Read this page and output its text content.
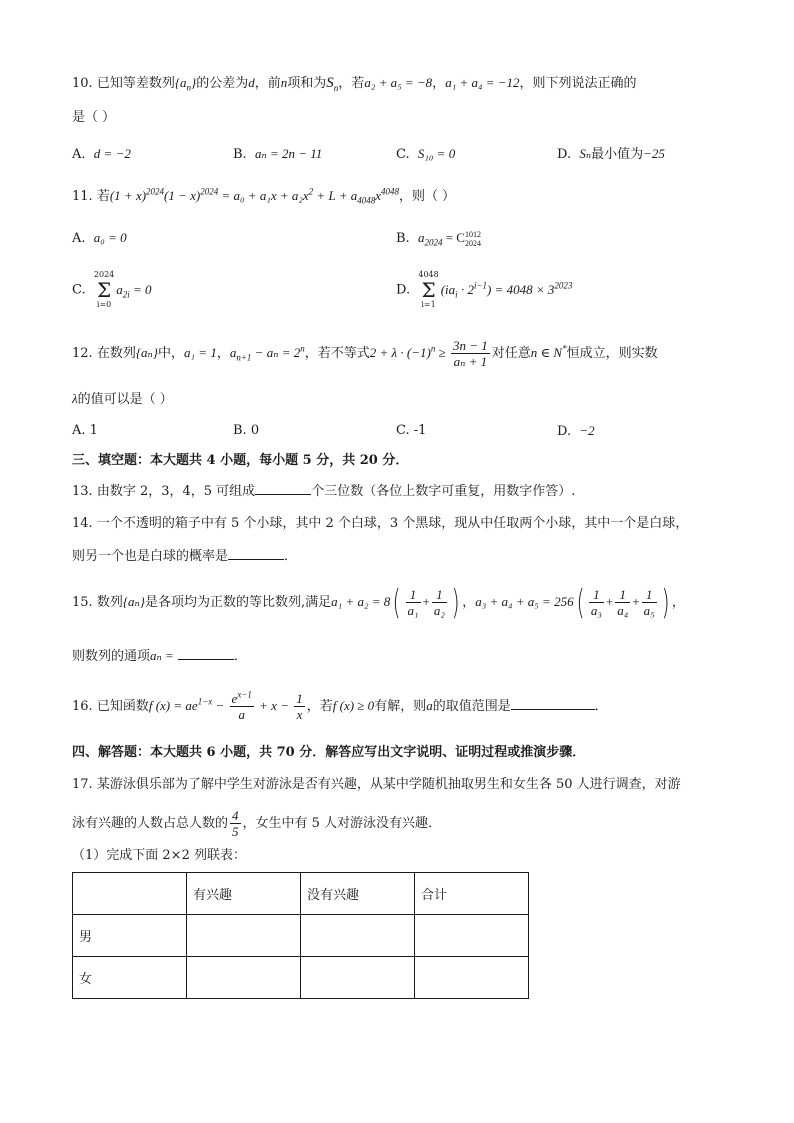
10. 已知等差数列$\{a_n\}$的公差为d，前n项和为$S_n$，若a₂ + a₅ = −8，a₁ + a₄ = −12，则下列说法正确的
是（ ）
A. d = −2	B. aₙ = 2n − 11	C. S₁₀ = 0	D. Sₙ最小值为−25
11. 若$(1 + x)^{2024}(1 - x)^{2024} = a_0 + a_1x + a_2x^2 + L + a_{4048}x^{4048}$，则（ ）
A. a₀ = 0	B. $a_{2024} = C$ 1012
2024
C.
2024
Σ
i=0
$a_{2i} = 0$	D.
4048
Σ
i=1
$(ia_i \cdot 2^{i-1}) = 4048 \times 3^{2023}$
12. 在数列{aₙ}中，a₁ = 1，$a_{n+1} - a_n = 2^n$，若不等式$2 + \lambda \cdot (-1)^n \ge \frac{3n - 1}{\text{aₙ + 1}}$ 对任意n ∈ N*恒成立，则实数
λ的值可以是（ ）
A. 1	B. 0	C. -1	D. −2
三、填空题：本大题共 4 小题，每小题 5 分，共 20 分．
13. 由数字 2，3，4，5 可组成	个三位数（各位上数字可重复，用数字作答）.
14. 一个不透明的箱子中有 5 个小球，其中 2 个白球，3 个黑球，现从中任取两个小球，其中一个是白球，
则另一个也是白球的概率是	．
15. 数列{aₙ}是各项均为正数的等比数列,满足$a_1 + a_2 = 8( \frac{1}{\text{a₁}} + \frac{1}{\text{a₂}}$ ) ，$a_3 + a_4 + a_5 = 256( \frac{1}{\text{a₃}} + \frac{1}{\text{a₄}} + \frac{1}{\text{a₅}}$ ) ，
则数列的通项aₙ =	．
16. 已知函数f $(x) = ae^{1-x} - \frac{e^{x-1}}{a} + x - \frac{1}{x}$ ，若f (x) ≥ 0有解，则a的取值范围是	．
四、解答题：本大题共 6 小题，共 70 分．解答应写出文字说明、证明过程或推演步骤．
17. 某游泳俱乐部为了解中学生对游泳是否有兴趣，从某中学随机抽取男生和女生各 50 人进行调查，对游
泳有兴趣的人数占总人数的 $\frac{4}{5}$ ，女生中有 5 人对游泳没有兴趣．
（1）完成下面 2×2 列联表：
	有兴趣	没有兴趣	合计
男			
女			
